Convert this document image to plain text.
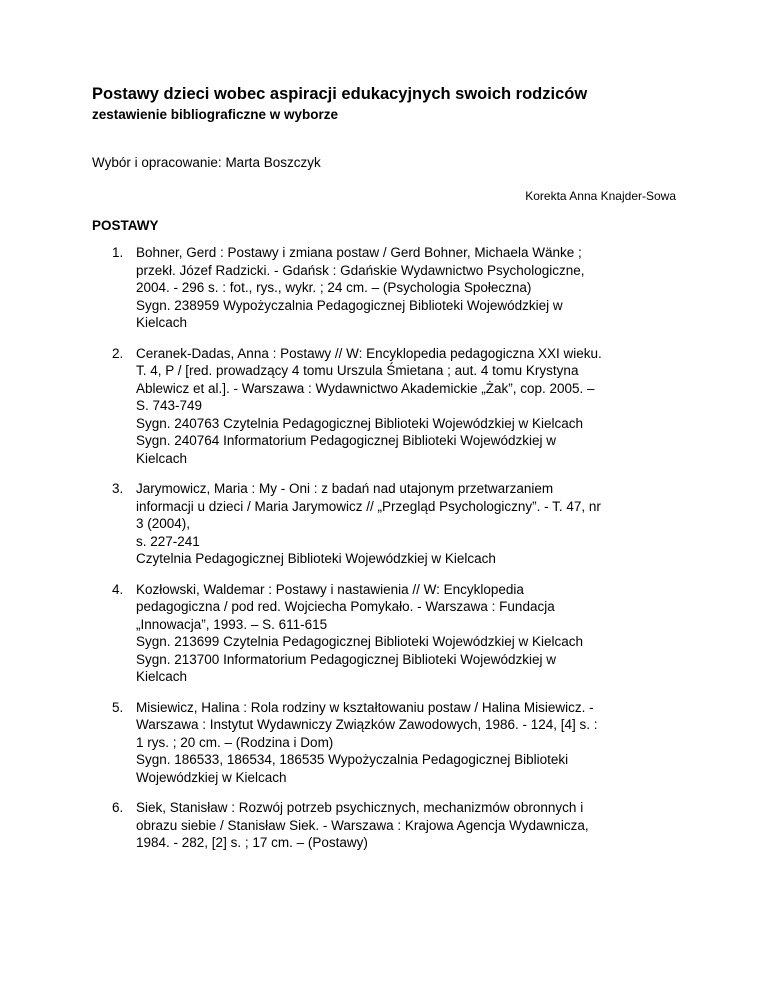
Postawy dzieci wobec aspiracji edukacyjnych swoich rodziców
zestawienie bibliograficzne w wyborze

Wybór i opracowanie: Marta Boszczyk

Korekta Anna Knajder-Sowa

POSTAWY
1. Bohner, Gerd : Postawy i zmiana postaw / Gerd Bohner, Michaela Wänke ;
przekł. Józef Radzicki. - Gdańsk : Gdańskie Wydawnictwo Psychologiczne,
2004. - 296 s. : fot., rys., wykr. ; 24 cm. – (Psychologia Społeczna)
Sygn. 238959 Wypożyczalnia Pedagogicznej Biblioteki Wojewódzkiej w
Kielcach
2. Ceranek-Dadas, Anna : Postawy // W: Encyklopedia pedagogiczna XXI wieku.
T. 4, P / [red. prowadzący 4 tomu Urszula Śmietana ; aut. 4 tomu Krystyna
Ablewicz et al.]. - Warszawa : Wydawnictwo Akademickie „Żak”, cop. 2005. –
S. 743-749
Sygn. 240763 Czytelnia Pedagogicznej Biblioteki Wojewódzkiej w Kielcach
Sygn. 240764 Informatorium Pedagogicznej Biblioteki Wojewódzkiej w
Kielcach
3. Jarymowicz, Maria : My - Oni : z badań nad utajonym przetwarzaniem
informacji u dzieci / Maria Jarymowicz // „Przegląd Psychologiczny”. - T. 47, nr
3 (2004),
s. 227-241
Czytelnia Pedagogicznej Biblioteki Wojewódzkiej w Kielcach
4. Kozłowski, Waldemar : Postawy i nastawienia // W: Encyklopedia
pedagogiczna / pod red. Wojciecha Pomykało. - Warszawa : Fundacja
„Innowacja”, 1993. – S. 611-615
Sygn. 213699 Czytelnia Pedagogicznej Biblioteki Wojewódzkiej w Kielcach
Sygn. 213700 Informatorium Pedagogicznej Biblioteki Wojewódzkiej w
Kielcach
5. Misiewicz, Halina : Rola rodziny w kształtowaniu postaw / Halina Misiewicz. -
Warszawa : Instytut Wydawniczy Związków Zawodowych, 1986. - 124, [4] s. :
1 rys. ; 20 cm. – (Rodzina i Dom)
Sygn. 186533, 186534, 186535 Wypożyczalnia Pedagogicznej Biblioteki
Wojewódzkiej w Kielcach
6. Siek, Stanisław : Rozwój potrzeb psychicznych, mechanizmów obronnych i
obrazu siebie / Stanisław Siek. - Warszawa : Krajowa Agencja Wydawnicza,
1984. - 282, [2] s. ; 17 cm. – (Postawy)
